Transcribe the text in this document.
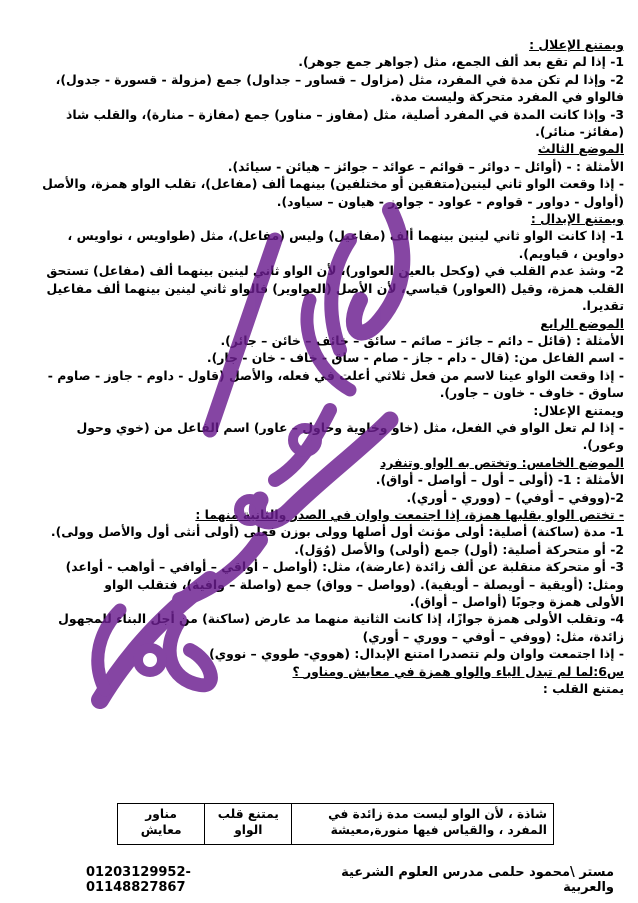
ويمتنع الإعلال :
1- إذا لم تقع بعد ألف الجمع، مثل (جواهر جمع جوهر).
2- وإذا لم تكن مدة في المفرد، مثل (مزاول – قساور – جداول) جمع (مزولة - قسورة - جدول)،
فالواو في المفرد متحركة وليست مدة.
3- وإذا كانت المدة في المفرد أصلية، مثل (مفاوز – مناور) جمع (مفازة – منارة)، والقلب شاذ
(مفائز- منائر).
الموضع الثالث
الأمثلة : - (أوائل – دوائر – قوائم – عوائد – جوائز – هيائن - سيائد).
- إذا وقعت الواو ثاني لينين(متفقين أو مختلفين) بينهما ألف (مفاعل)، تقلب الواو همزة، والأصل
(أواول - دواور - قواوم - عواود - جواوز - هياون – سياود).
ويمتنع الإبدال :
1- إذا كانت الواو ثاني لينين بينهما ألف (مفاعيل) وليس (مفاعل)، مثل (طواويس ، نواويس ،
دواوين ، قياويم).
2- وشذ عدم القلب في (وكحل بالعين العواور)، لأن الواو ثاني لينين بينهما ألف (مفاعل) تستحق
القلب همزة، وقيل (العواور) قياسي، لأن الأصل (العواوير) فالواو ثاني لينين بينهما ألف مفاعيل
تقديرا.
الموضع الرابع
الأمثلة : (قائل – دائم – جائز – صائم – سائق – خائف – خائن – جائر).
- اسم الفاعل من: (قال - دام - جاز - صام - ساق - خاف - خان - جار).
- إذا وقعت الواو عينا لاسم من فعل ثلاثي أعلت في فعله، والأصل (قاول - داوم - جاوز - صاوم -
ساوق - خاوف - خاون – جاور).
ويمتنع الإعلال:
- إذا لم تعل الواو في الفعل، مثل (خاو وخاوية وحاول – عاور) اسم الفاعل من (خوي وحول
وعور).
الموضع الخامس: وتختص به الواو وتنفرد
الأمثلة : 1- (أولى – أول – أواصل - أواق).
2-(ووفي – أوفي) – (ووري - أوري).
- تختص الواو بقلبها همزة، إذا اجتمعت واوان في الصدر والثانية منهما :
1- مدة (ساكنة) أصلية: أولى مؤنث أول أصلها وولى بوزن فعلى (أولى أنثى أول والأصل وولى).
2- أو متحركة أصلية: (أول) جمع (أولى) والأصل (وُوَل).
3- أو متحركة منقلبة عن ألف زائدة (عارضة)، مثل: (أواصل – أواقي – أوافي – أواهب - أواعد)
ومثل: (أويقية – أويصلة – أويفية). (وواصل – وواق) جمع (واصلة – وافية)، فتقلب الواو
الأولى همزة وجوبًا (أواصل – أواق).
4- وتقلب الأولى همزة جوازًا، إذا كانت الثانية منهما مد عارض (ساكنة) من أجل البناء للمجهول
زائدة، مثل: (ووفي – أوفي – ووري – أوري)
- إذا اجتمعت واوان ولم تتصدرا امتنع الإبدال: (هووي- طووي – نووي)
س6:لما لم تبدل الياء والواو همزة في معايش ومناور ؟
يمتنع القلب :
شاذة ، لأن الواو ليست مدة زائدة في
المفرد ، والقياس فيها منورة,معيشة

يمتنع قلب
الواو

مناور
معايش
مستر \محمود حلمى مدرس العلوم الشرعية والعربية
01203129952-01148827867
